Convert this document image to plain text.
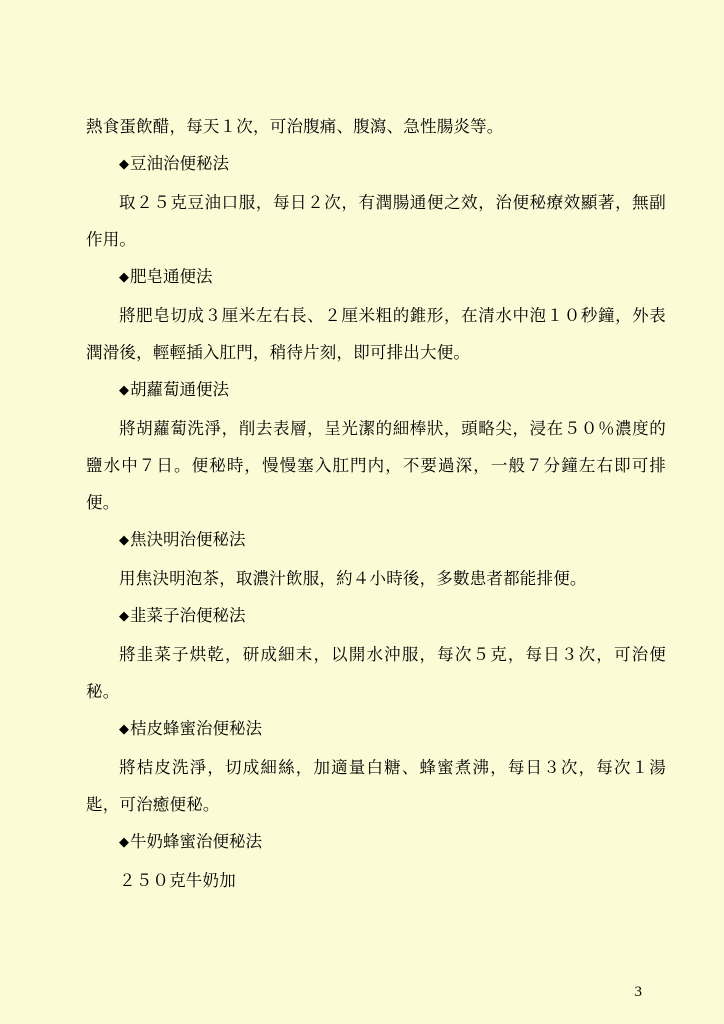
熱食蛋飲醋，每天１次，可治腹痛、腹瀉、急性腸炎等。

◆豆油治便秘法

取２５克豆油口服，每日２次，有潤腸通便之效，治便秘療效顯著，無副作用。

◆肥皂通便法

將肥皂切成３厘米左右長、２厘米粗的錐形，在清水中泡１０秒鐘，外表潤滑後，輕輕插入肛門，稍待片刻，即可排出大便。

◆胡蘿蔔通便法

將胡蘿蔔洗淨，削去表層，呈光潔的細棒狀，頭略尖，浸在５０％濃度的鹽水中７日。便秘時，慢慢塞入肛門内，不要過深，一般７分鐘左右即可排便。

◆焦決明治便秘法

用焦決明泡茶，取濃汁飲服，約４小時後，多數患者都能排便。

◆韭菜子治便秘法

將韭菜子烘乾，研成細末，以開水沖服，每次５克，每日３次，可治便秘。

◆桔皮蜂蜜治便秘法

將桔皮洗淨，切成細絲，加適量白糖、蜂蜜煮沸，每日３次，每次１湯匙，可治癒便秘。

◆牛奶蜂蜜治便秘法

２５０克牛奶加

3
